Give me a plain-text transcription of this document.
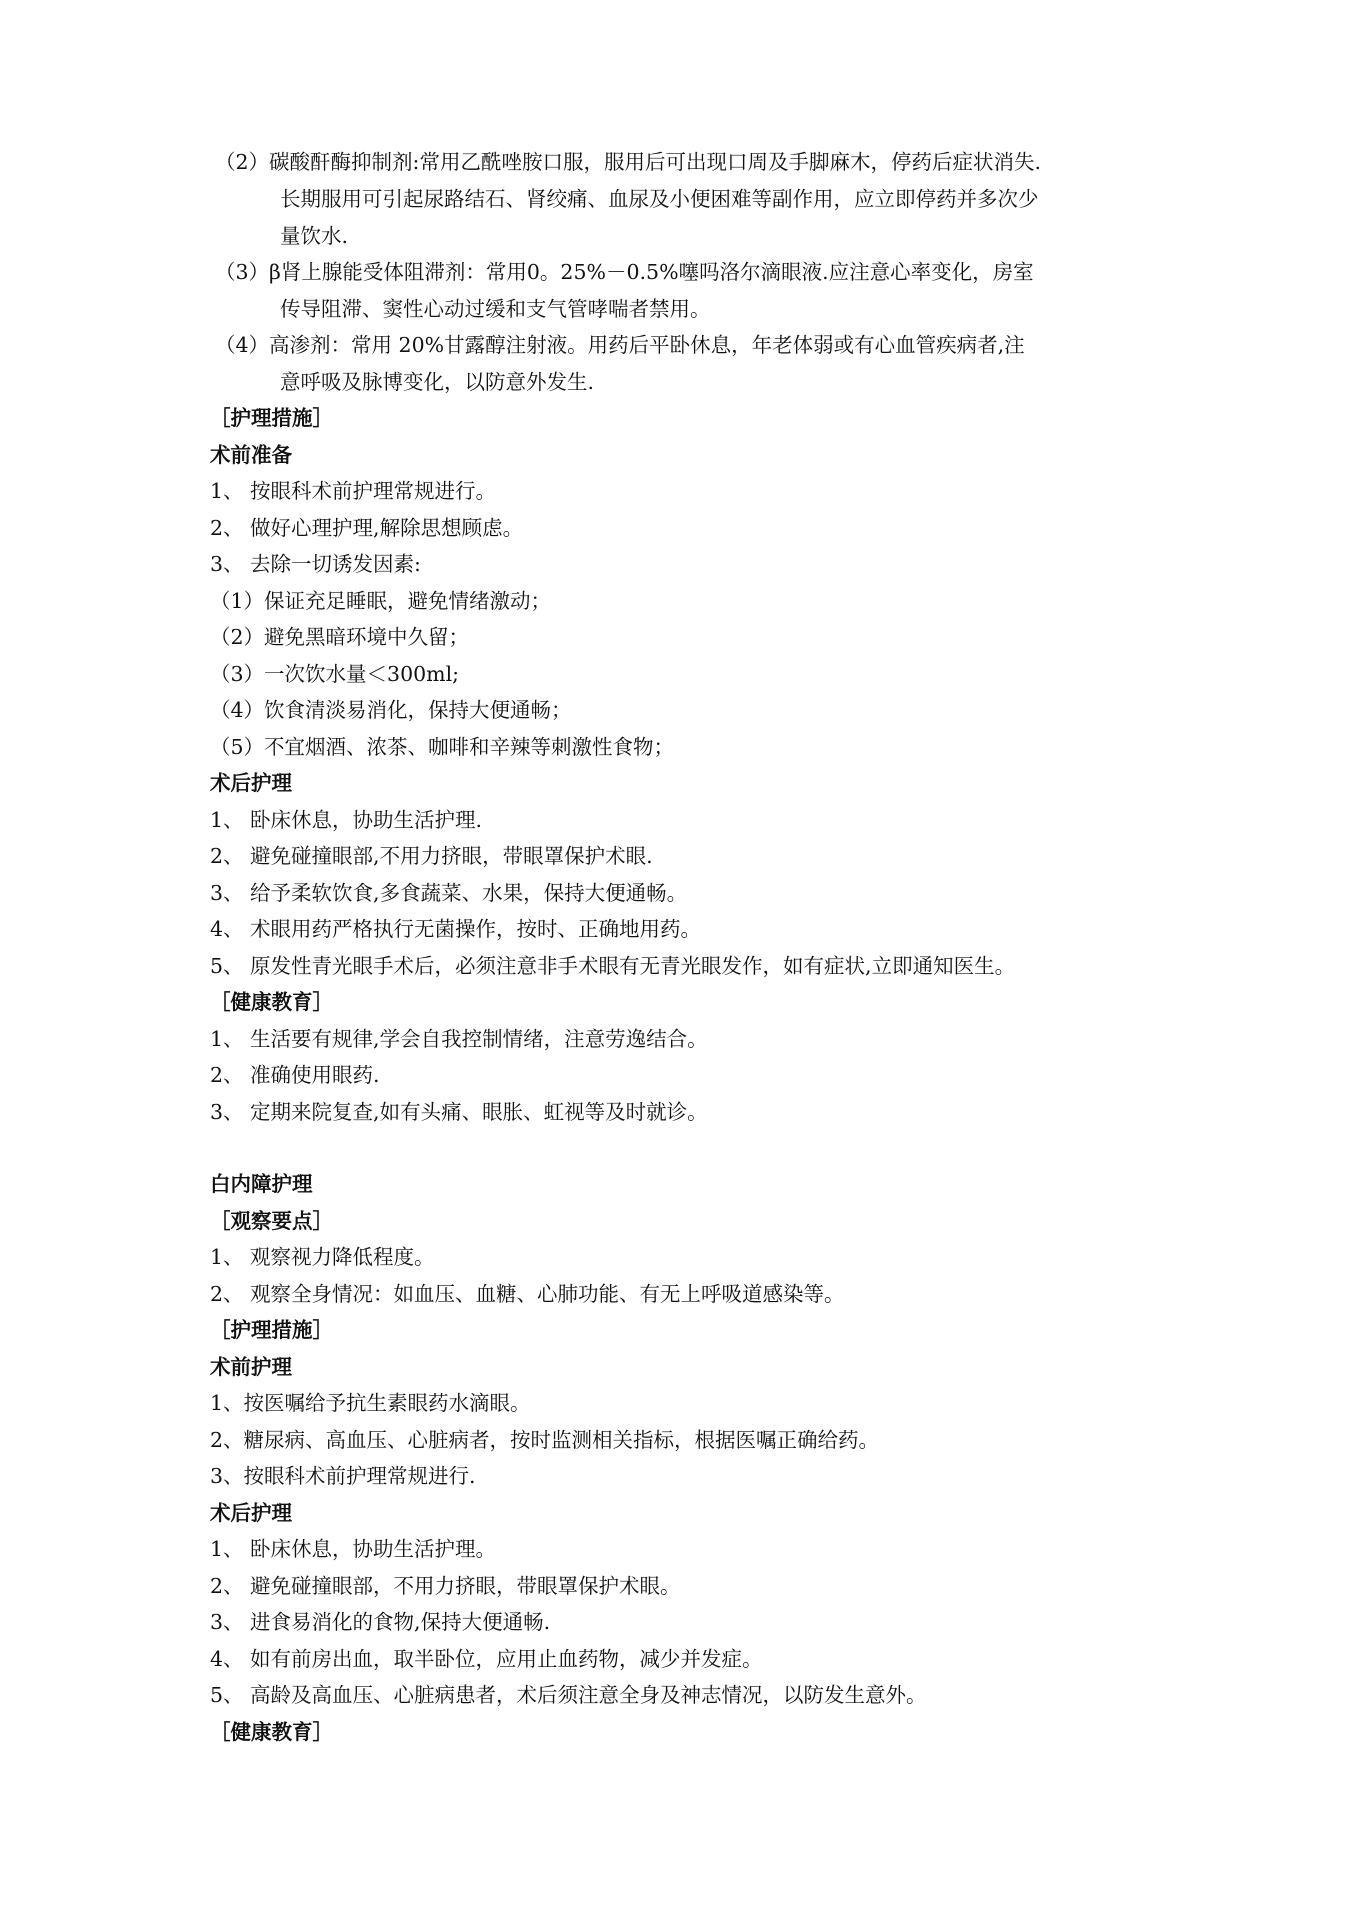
（2）碳酸酐酶抑制剂:常用乙酰唑胺口服，服用后可出现口周及手脚麻木，停药后症状消失.
长期服用可引起尿路结石、肾绞痛、血尿及小便困难等副作用，应立即停药并多次少
量饮水.
（3）β肾上腺能受体阻滞剂：常用0。25%－0.5%噻吗洛尔滴眼液.应注意心率变化，房室
传导阻滞、窦性心动过缓和支气管哮喘者禁用。
（4）高渗剂：常用 20%甘露醇注射液。用药后平卧休息，年老体弱或有心血管疾病者,注
意呼吸及脉博变化，以防意外发生.
［护理措施］
术前准备
1、 按眼科术前护理常规进行。
2、 做好心理护理,解除思想顾虑。
3、 去除一切诱发因素:
（1）保证充足睡眠，避免情绪激动；
（2）避免黑暗环境中久留；
（3）一次饮水量＜300ml;
（4）饮食清淡易消化，保持大便通畅；
（5）不宜烟酒、浓茶、咖啡和辛辣等刺激性食物；
术后护理
1、 卧床休息，协助生活护理.
2、 避免碰撞眼部,不用力挤眼，带眼罩保护术眼.
3、 给予柔软饮食,多食蔬菜、水果，保持大便通畅。
4、 术眼用药严格执行无菌操作，按时、正确地用药。
5、 原发性青光眼手术后，必须注意非手术眼有无青光眼发作，如有症状,立即通知医生。
［健康教育］
1、 生活要有规律,学会自我控制情绪，注意劳逸结合。
2、 准确使用眼药.
3、 定期来院复查,如有头痛、眼胀、虹视等及时就诊。
白内障护理
［观察要点］
1、 观察视力降低程度。
2、 观察全身情况：如血压、血糖、心肺功能、有无上呼吸道感染等。
［护理措施］
术前护理
1、按医嘱给予抗生素眼药水滴眼。
2、糖尿病、高血压、心脏病者，按时监测相关指标，根据医嘱正确给药。
3、按眼科术前护理常规进行.
术后护理
1、 卧床休息，协助生活护理。
2、 避免碰撞眼部，不用力挤眼，带眼罩保护术眼。
3、 进食易消化的食物,保持大便通畅.
4、 如有前房出血，取半卧位，应用止血药物，减少并发症。
5、 高龄及高血压、心脏病患者，术后须注意全身及神志情况，以防发生意外。
［健康教育］
